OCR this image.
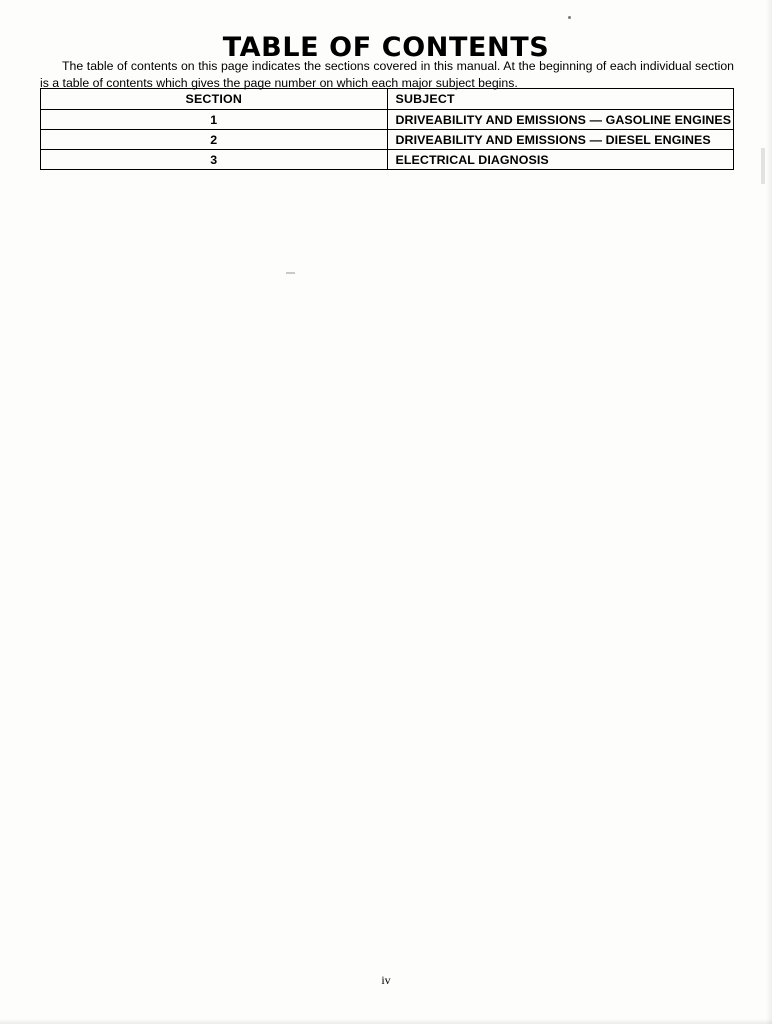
TABLE OF CONTENTS

The table of contents on this page indicates the sections covered in this manual. At the beginning of each individual section is a table of contents which gives the page number on which each major subject begins.

SECTION	SUBJECT
1	DRIVEABILITY AND EMISSIONS — GASOLINE ENGINES
2	DRIVEABILITY AND EMISSIONS — DIESEL ENGINES
3	ELECTRICAL DIAGNOSIS
iv
